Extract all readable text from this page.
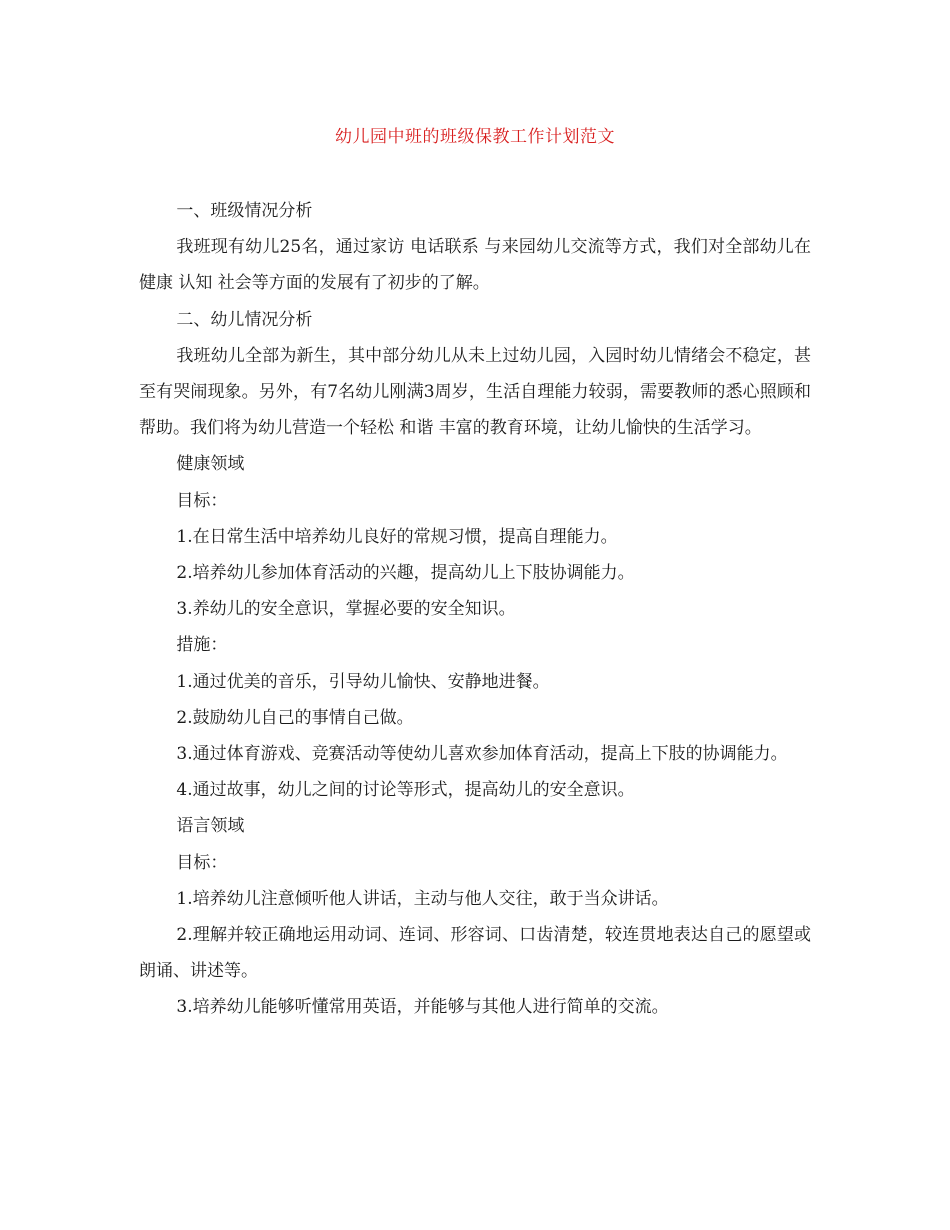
幼儿园中班的班级保教工作计划范文

一、班级情况分析

我班现有幼儿25名，通过家访 电话联系 与来园幼儿交流等方式，我们对全部幼儿在健康 认知 社会等方面的发展有了初步的了解。

二、幼儿情况分析

我班幼儿全部为新生，其中部分幼儿从未上过幼儿园，入园时幼儿情绪会不稳定，甚至有哭闹现象。另外，有7名幼儿刚满3周岁，生活自理能力较弱，需要教师的悉心照顾和帮助。我们将为幼儿营造一个轻松 和谐 丰富的教育环境，让幼儿愉快的生活学习。

健康领域

目标：

1.在日常生活中培养幼儿良好的常规习惯，提高自理能力。

2.培养幼儿参加体育活动的兴趣，提高幼儿上下肢协调能力。

3.养幼儿的安全意识，掌握必要的安全知识。

措施：

1.通过优美的音乐，引导幼儿愉快、安静地进餐。

2.鼓励幼儿自己的事情自己做。

3.通过体育游戏、竞赛活动等使幼儿喜欢参加体育活动，提高上下肢的协调能力。

4.通过故事，幼儿之间的讨论等形式，提高幼儿的安全意识。

语言领域

目标：

1.培养幼儿注意倾听他人讲话，主动与他人交往，敢于当众讲话。

2.理解并较正确地运用动词、连词、形容词、口齿清楚，较连贯地表达自己的愿望或朗诵、讲述等。

3.培养幼儿能够听懂常用英语，并能够与其他人进行简单的交流。
